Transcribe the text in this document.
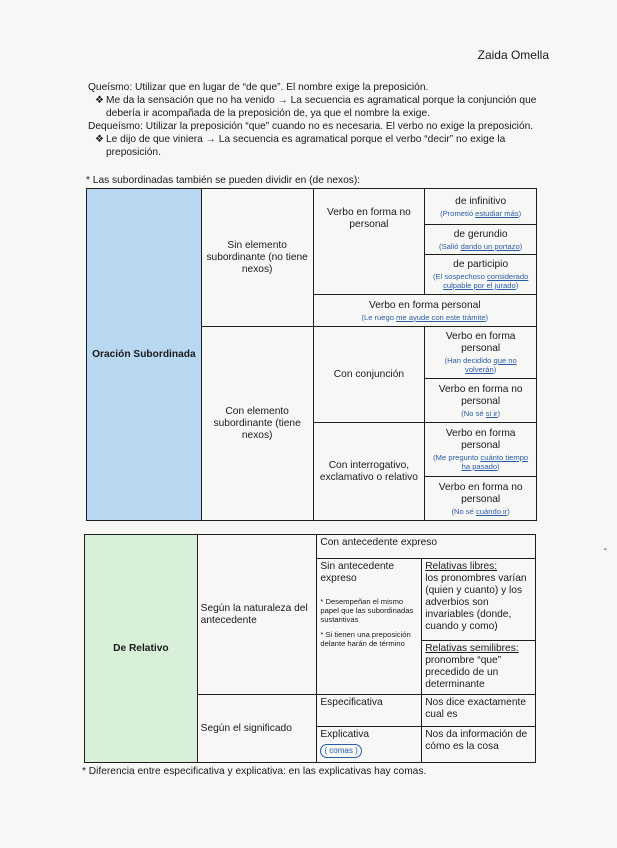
Zaida Omella

Queísmo: Utilizar que en lugar de “de que”. El nombre exige la preposición.

❖ Me da la sensación que no ha venido → La secuencia es agramatical porque la conjunción que debería ir acompañada de la preposición de, ya que el nombre la exige.

Dequeísmo: Utilizar la preposición “que” cuando no es necesaria. El verbo no exige la preposición.

❖ Le dijo de que viniera → La secuencia es agramatical porque el verbo “decir” no exige la preposición.

* Las subordinadas también se pueden dividir en (de nexos):
Oración Subordinada	Sin elemento subordinante (no tiene nexos)	Verbo en forma no personal	de infinitivo
(Prometió estudiar más)

			de gerundio
(Salió dando un portazo)

			de participio
(El sospechoso considerado culpable por el jurado)

		Verbo en forma personal
(Le ruego me ayude con este trámite)	

	Con elemento subordinante (tiene nexos)	Con conjunción	Verbo en forma personal
(Han decidido que no volverán)

			Verbo en forma no personal
(No sé si ir)

		Con interrogativo, exclamativo o relativo	Verbo en forma personal
(Me pregunto cuánto tiempo ha pasado)

			Verbo en forma no personal
(No sé cuándo ir)
De Relativo	Según la naturaleza del antecedente	Con antecedente expreso	
		Sin antecedente expreso
* Desempeñan el mismo papel que las subordinadas sustantivas
* Si tienen una preposición delante harán de término	Relativas libres:
los pronombres varían (quien y cuanto) y los adverbios son invariables (donde, cuando y como)
			Relativas semilibres:
pronombre “que” precedido de un determinante
	Según el significado	Especificativa	Nos dice exactamente cual es
		Explicativa
( comas )	Nos da información de cómo es la cosa
* Diferencia entre especificativa y explicativa: en las explicativas hay comas.
-
